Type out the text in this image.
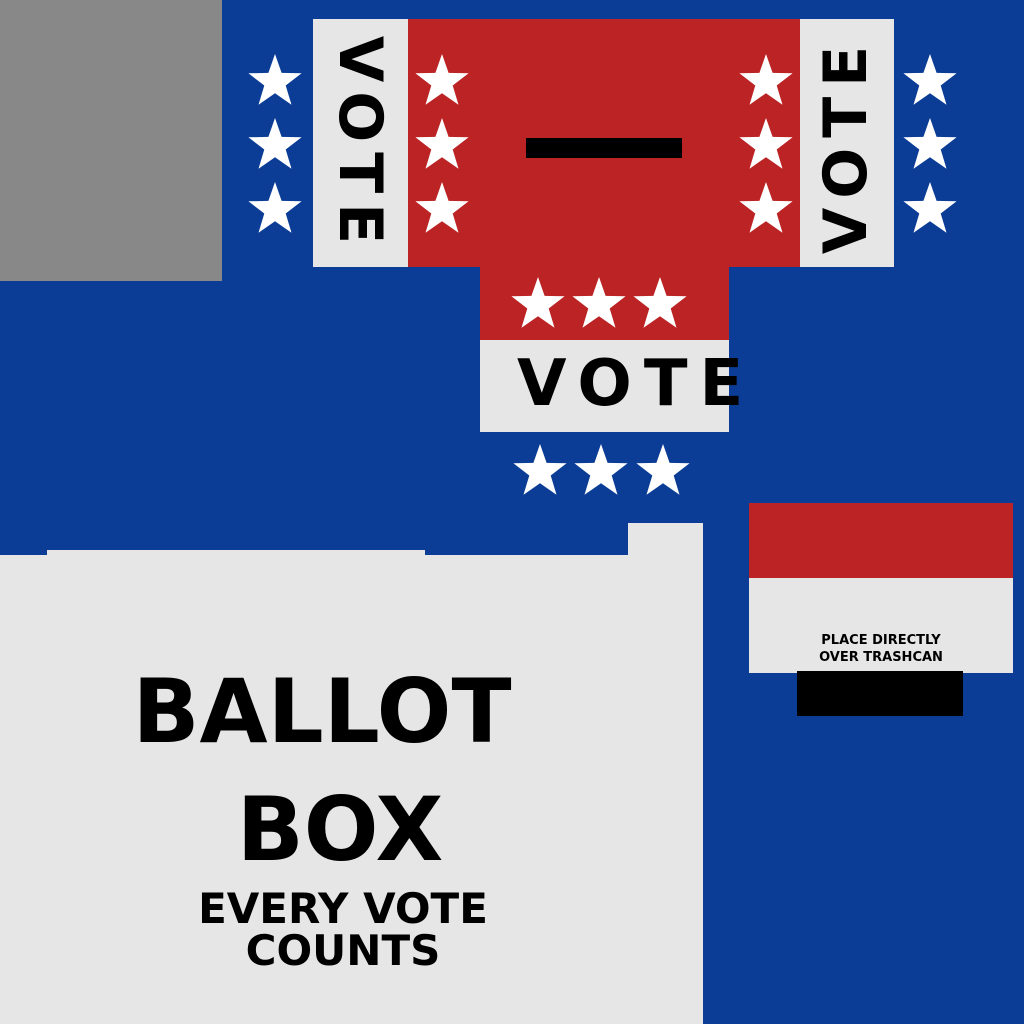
VOTE	VOTE
VOTE
BALLOT
BOX
EVERY VOTE COUNTS
PLACE DIRECTLY
OVER TRASHCAN
